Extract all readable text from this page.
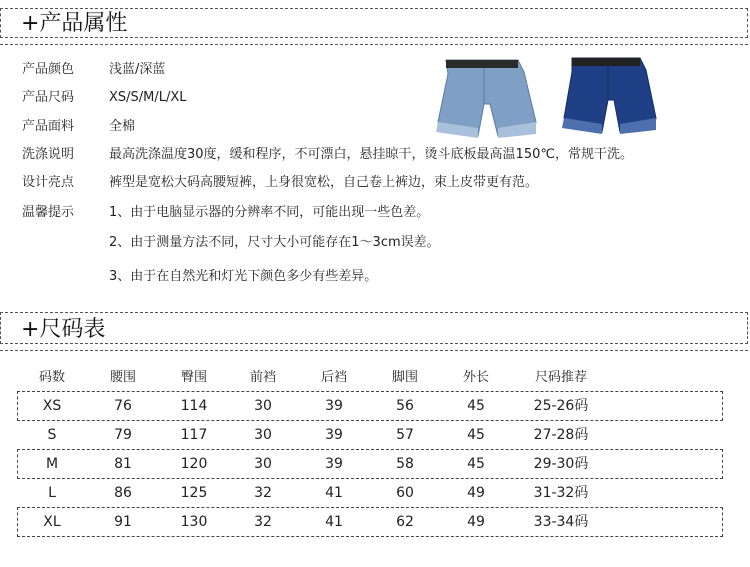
+产品属性
产品颜色	浅蓝/深蓝
产品尺码	XS/S/M/L/XL
产品面料	全棉
洗涤说明	最高洗涤温度30度，缓和程序，不可漂白，悬挂晾干，烫斗底板最高温150℃，常规干洗。
设计亮点	裤型是宽松大码高腰短裤，上身很宽松，自己卷上裤边，束上皮带更有范。
温馨提示	1、由于电脑显示器的分辨率不同，可能出现一些色差。
2、由于测量方法不同，尺寸大小可能存在1～3cm误差。
3、由于在自然光和灯光下颜色多少有些差异。
+尺码表
码数	腰围	臀围	前裆	后裆	脚围	外长	尺码推荐
XS	76	114	30	39	56	45	25-26码
S	79	117	30	39	57	45	27-28码
M	81	120	30	39	58	45	29-30码
L	86	125	32	41	60	49	31-32码
XL	91	130	32	41	62	49	33-34码
